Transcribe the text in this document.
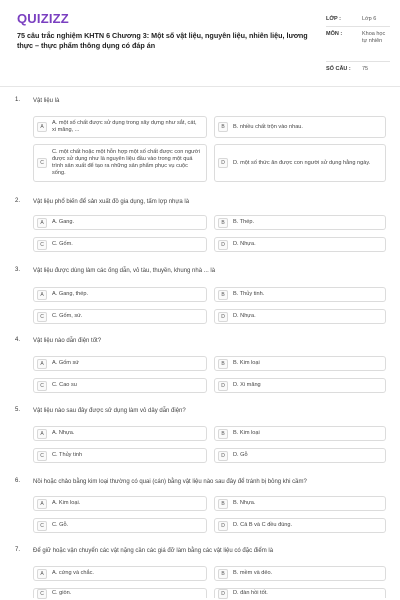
QUIZIZZ
75 câu trắc nghiệm KHTN 6 Chương 3: Một số vật liệu, nguyên liệu, nhiên liệu, lương thực – thực phẩm thông dụng có đáp án
LỚP :	Lớp 6
MÔN :	Khoa học tự nhiên
SỐ CÂU : 75
1. Vật liệu là
A
A. một số chất được sử dụng trong xây dựng như sắt, cát, xi măng, ...	B	B. nhiều chất trộn vào nhau.
C
C. một chất hoặc một hỗn hợp một số chất được con người được sử dụng như là nguyên liệu đầu vào trong một quá trình sản xuất để tạo ra những sản phẩm phục vụ cuộc sống.
D	D. một số thức ăn được con người sử dụng hằng ngày.
2. Vật liệu phổ biến để sản xuất đồ gia dụng, tấm lợp nhựa là
A	A. Gang.	B	B. Thép.
C	C. Gốm.	D	D. Nhựa.
3. Vật liệu được dùng làm các ống dẫn, vỏ tàu, thuyền, khung nhà ... là
A	A. Gang, thép.	B	B. Thủy tinh.
C	C. Gốm, sứ.	D	D. Nhựa.
4. Vật liệu nào dẫn điện tốt?
A	A. Gốm sứ	B	B. Kim loại
C	C. Cao su	D	D. Xi măng
5. Vật liệu nào sau đây được sử dụng làm vỏ dây dẫn điện?
A	A. Nhựa.	B	B. Kim loại
C	C. Thủy tinh	D	D. Gỗ
6. Nồi hoặc chảo bằng kim loại thường có quai (cán) bằng vật liệu nào sau đây để tránh bị bỏng khi cầm?
A	A. Kim loại.	B	B. Nhựa.
C	C. Gỗ.	D	D. Cả B và C đều đúng.
7. Để giữ hoặc vận chuyển các vật nặng cần các giá đỡ làm bằng các vật liệu có đặc điểm là
A	A. cứng và chắc.	B	B. mềm và dẻo.
C	C. giòn.	D	D. đàn hồi tốt.
